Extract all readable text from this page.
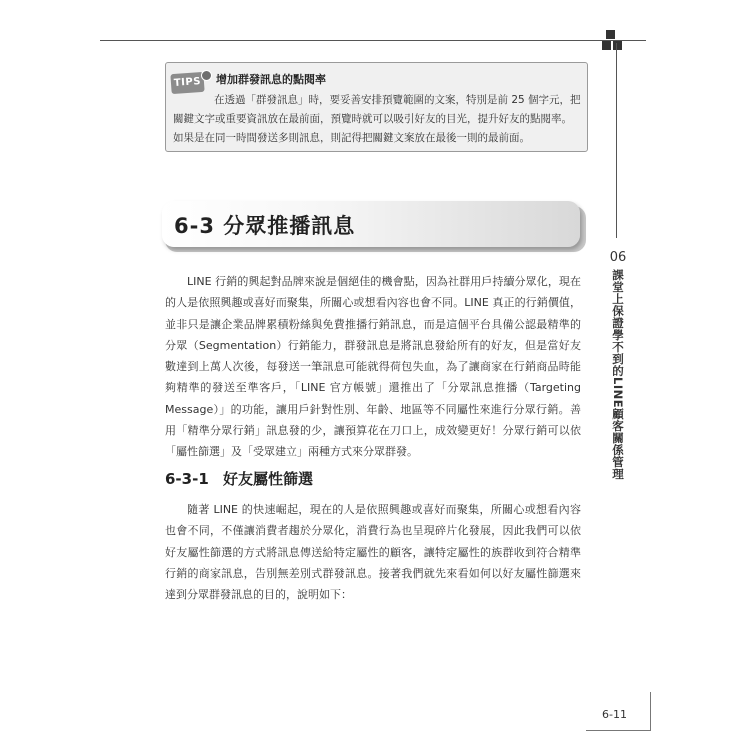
TIPS	增加群發訊息的點閱率
在透過「群發訊息」時，要妥善安排預覽範圍的文案，特別是前 25 個字元，把關鍵文字或重要資訊放在最前面，預覽時就可以吸引好友的目光，提升好友的點閱率。如果是在同一時間發送多則訊息，則記得把關鍵文案放在最後一則的最前面。
6-3 分眾推播訊息
LINE 行銷的興起對品牌來說是個絕佳的機會點，因為社群用戶持續分眾化，現在的人是依照興趣或喜好而聚集，所關心或想看內容也會不同。LINE 真正的行銷價值，並非只是讓企業品牌累積粉絲與免費推播行銷訊息，而是這個平台具備公認最精準的分眾（Segmentation）行銷能力，群發訊息是將訊息發給所有的好友，但是當好友數達到上萬人次後，每發送一筆訊息可能就得荷包失血，為了讓商家在行銷商品時能夠精準的發送至準客戶，「LINE 官方帳號」還推出了「分眾訊息推播（Targeting Message）」的功能，讓用戶針對性別、年齡、地區等不同屬性來進行分眾行銷。善用「精準分眾行銷」訊息發的少，讓預算花在刀口上，成效變更好！分眾行銷可以依「屬性篩選」及「受眾建立」兩種方式來分眾群發。
6-3-1 好友屬性篩選
隨著 LINE 的快速崛起，現在的人是依照興趣或喜好而聚集，所關心或想看內容也會不同，不僅讓消費者趨於分眾化，消費行為也呈現碎片化發展，因此我們可以依好友屬性篩選的方式將訊息傳送給特定屬性的顧客，讓特定屬性的族群收到符合精準行銷的商家訊息，告別無差別式群發訊息。接著我們就先來看如何以好友屬性篩選來達到分眾群發訊息的目的，說明如下：
06
課堂上保證學不到的LINE顧客關係管理
6-11
